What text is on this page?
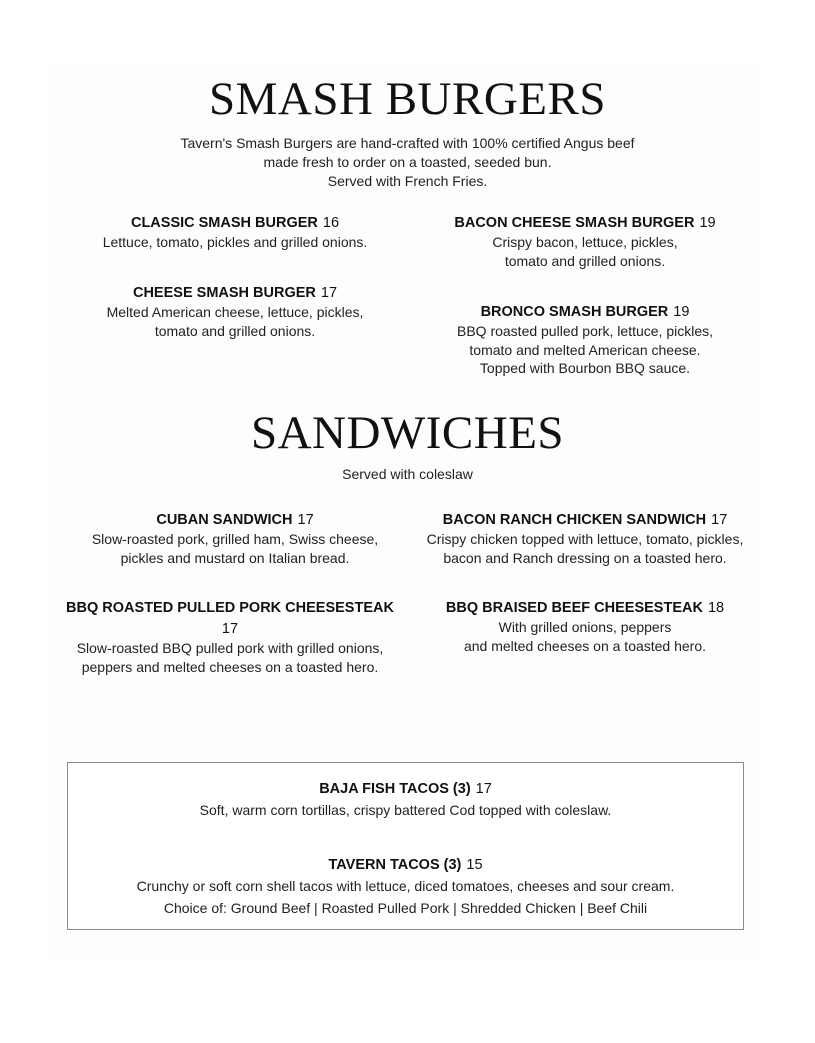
SMASH BURGERS
Tavern's Smash Burgers are hand-crafted with 100% certified Angus beef
made fresh to order on a toasted, seeded bun.
Served with French Fries.
CLASSIC SMASH BURGER 16
Lettuce, tomato, pickles and grilled onions.
BACON CHEESE SMASH BURGER 19
Crispy bacon, lettuce, pickles,
tomato and grilled onions.
CHEESE SMASH BURGER 17
Melted American cheese, lettuce, pickles,
tomato and grilled onions.
BRONCO SMASH BURGER 19
BBQ roasted pulled pork, lettuce, pickles,
tomato and melted American cheese.
Topped with Bourbon BBQ sauce.
SANDWICHES
Served with coleslaw
CUBAN SANDWICH 17
Slow-roasted pork, grilled ham, Swiss cheese,
pickles and mustard on Italian bread.
BACON RANCH CHICKEN SANDWICH 17
Crispy chicken topped with lettuce, tomato, pickles,
bacon and Ranch dressing on a toasted hero.
BBQ ROASTED PULLED PORK CHEESESTEAK
17
Slow-roasted BBQ pulled pork with grilled onions,
peppers and melted cheeses on a toasted hero.
BBQ BRAISED BEEF CHEESESTEAK 18
With grilled onions, peppers
and melted cheeses on a toasted hero.
BAJA FISH TACOS (3) 17
Soft, warm corn tortillas, crispy battered Cod topped with coleslaw.
TAVERN TACOS (3) 15
Crunchy or soft corn shell tacos with lettuce, diced tomatoes, cheeses and sour cream.
Choice of: Ground Beef | Roasted Pulled Pork | Shredded Chicken | Beef Chili
